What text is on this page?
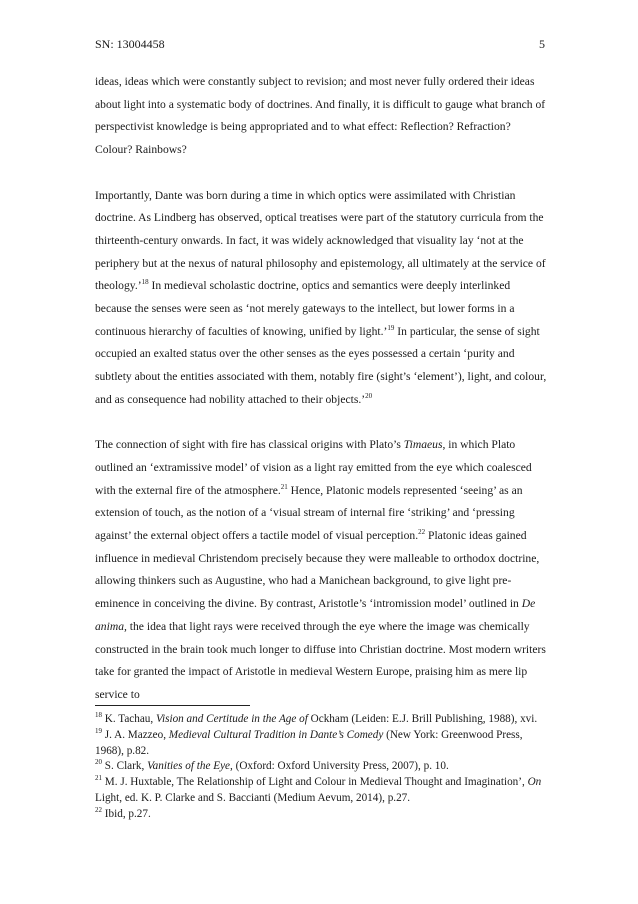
SN: 13004458	5

ideas, ideas which were constantly subject to revision; and most never fully ordered their ideas about light into a systematic body of doctrines. And finally, it is difficult to gauge what branch of perspectivist knowledge is being appropriated and to what effect: Reflection? Refraction? Colour? Rainbows?

Importantly, Dante was born during a time in which optics were assimilated with Christian doctrine. As Lindberg has observed, optical treatises were part of the statutory curricula from the thirteenth-century onwards. In fact, it was widely acknowledged that visuality lay ‘not at the periphery but at the nexus of natural philosophy and epistemology, all ultimately at the service of theology.’$^{18}$ In medieval scholastic doctrine, optics and semantics were deeply interlinked because the senses were seen as ‘not merely gateways to the intellect, but lower forms in a continuous hierarchy of faculties of knowing, unified by light.’$^{19}$ In particular, the sense of sight occupied an exalted status over the other senses as the eyes possessed a certain ‘purity and subtlety about the entities associated with them, notably fire (sight’s ‘element’), light, and colour, and as consequence had nobility attached to their objects.’$^{20}$

The connection of sight with fire has classical origins with Plato’s Timaeus, in which Plato outlined an ‘extramissive model’ of vision as a light ray emitted from the eye which coalesced with the external fire of the atmosphere.$^{21}$ Hence, Platonic models represented ‘seeing’ as an extension of touch, as the notion of a ‘visual stream of internal fire ‘striking’ and ‘pressing against’ the external object offers a tactile model of visual perception.$^{22}$ Platonic ideas gained influence in medieval Christendom precisely because they were malleable to orthodox doctrine, allowing thinkers such as Augustine, who had a Manichean background, to give light pre-eminence in conceiving the divine. By contrast, Aristotle’s ‘intromission model’ outlined in De anima, the idea that light rays were received through the eye where the image was chemically constructed in the brain took much longer to diffuse into Christian doctrine. Most modern writers take for granted the impact of Aristotle in medieval Western Europe, praising him as mere lip service to

$^{18}$ K. Tachau, Vision and Certitude in the Age of Ockham (Leiden: E.J. Brill Publishing, 1988), xvi.

$^{19}$ J. A. Mazzeo, Medieval Cultural Tradition in Dante’s Comedy (New York: Greenwood Press, 1968), p.82.

$^{20}$ S. Clark, Vanities of the Eye, (Oxford: Oxford University Press, 2007), p. 10.

$^{21}$ M. J. Huxtable, The Relationship of Light and Colour in Medieval Thought and Imagination’, On Light, ed. K. P. Clarke and S. Baccianti (Medium Aevum, 2014), p.27.

$^{22}$ Ibid, p.27.
